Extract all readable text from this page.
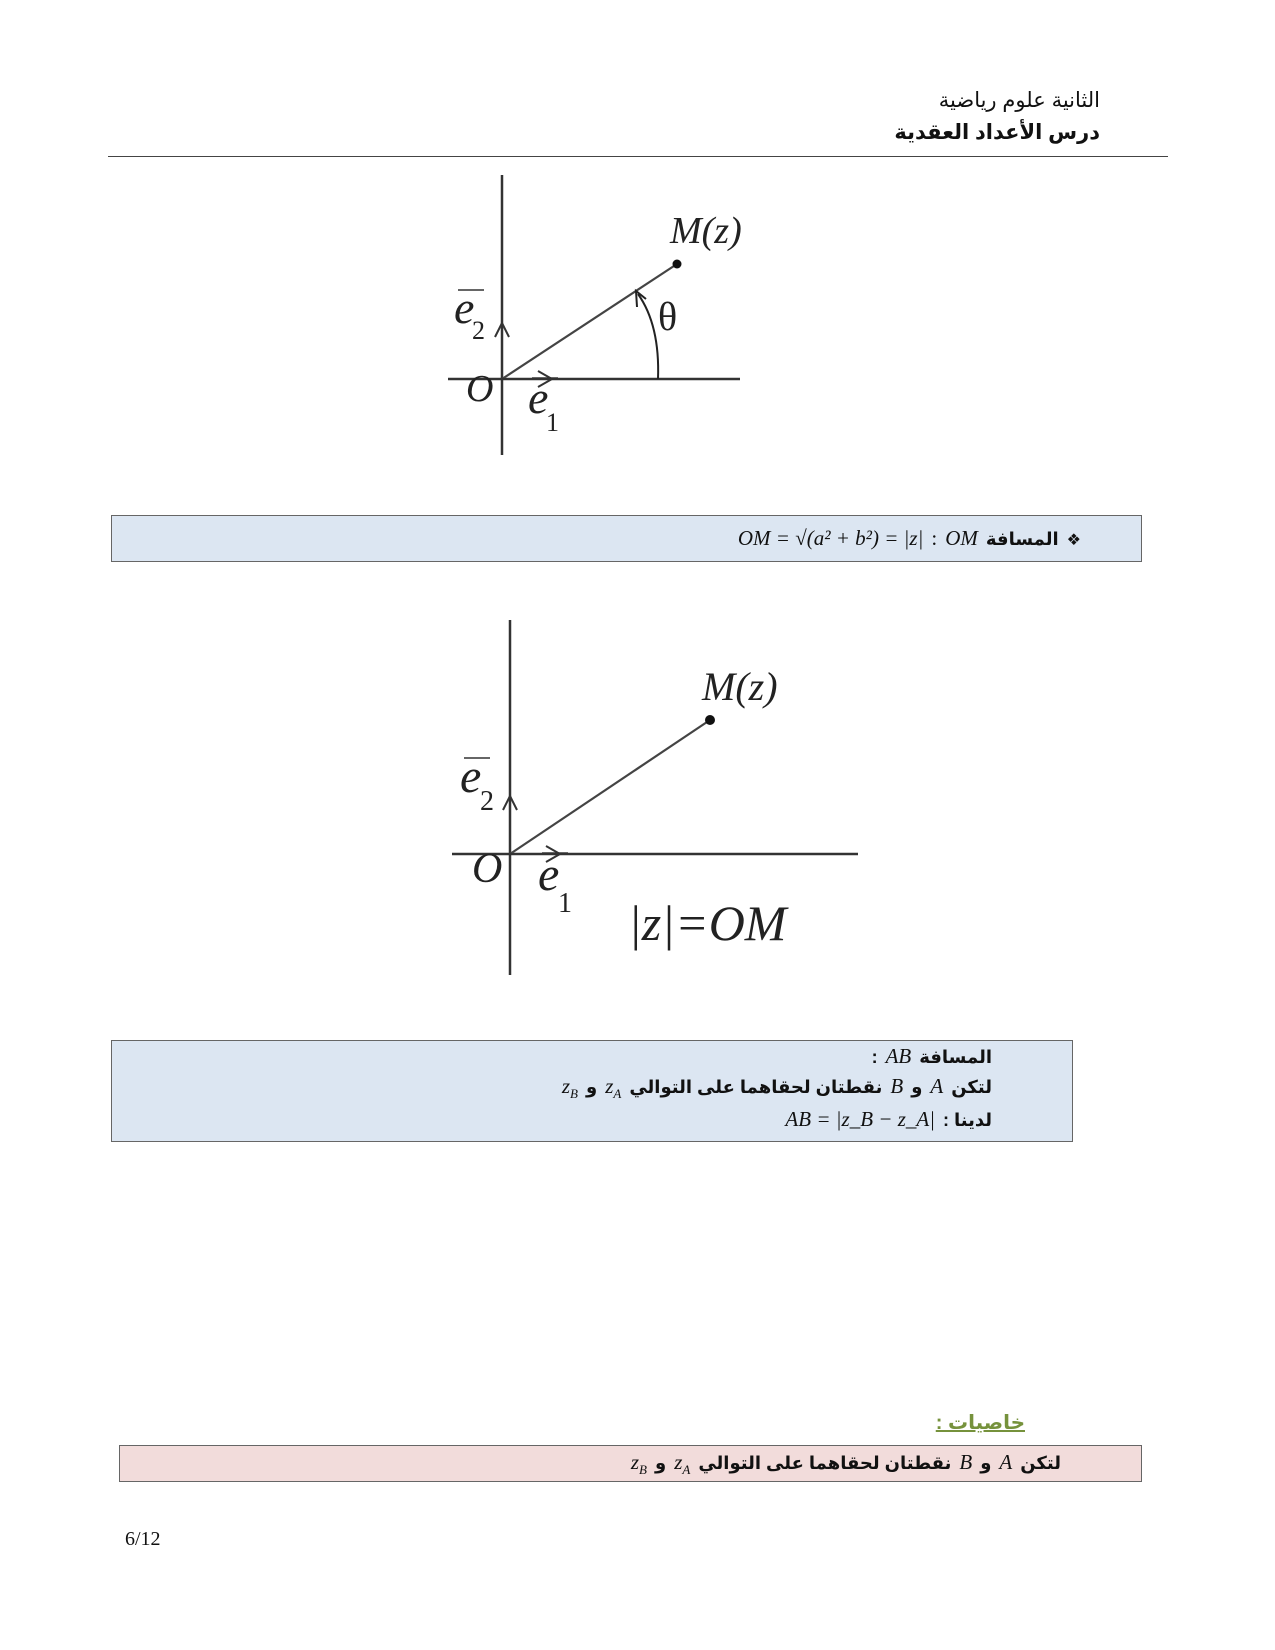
الثانية علوم رياضية
درس الأعداد العقدية
M(z)
θ
O e
1
e
2
❖
المسافة
OM
:
OM = √(a² + b²) = |z|
M(z)
O e
1
e
2
|z|=OM
المسافة
AB
:
لتكن
A
و
B
نقطتان لحقاهما على التوالي
$z_A$
و
$z_B$
لدينا :
AB = |z_B − z_A|
خاصيات :
لتكن
A
و
B
نقطتان لحقاهما على التوالي
$z_A$
و
$z_B$
6/12
